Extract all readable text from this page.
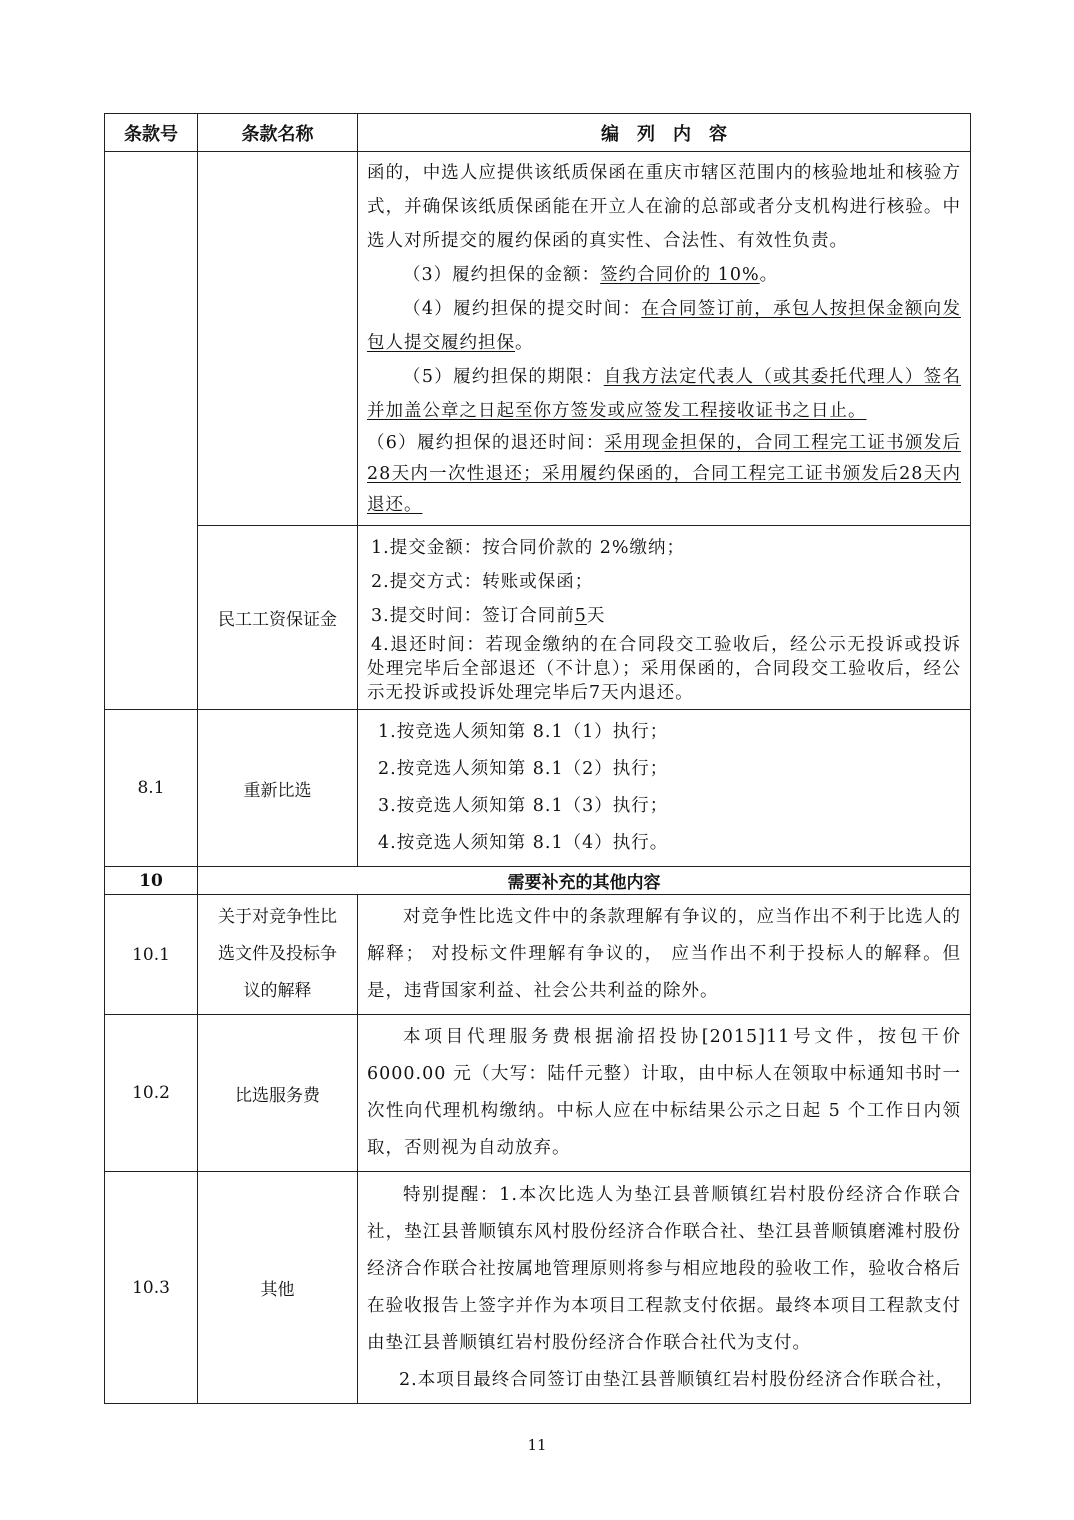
条款号	条款名称	编　列　内　容

		函的，中选人应提供该纸质保函在重庆市辖区范围内的核验地址和核验方式，并确保该纸质保函能在开立人在渝的总部或者分支机构进行核验。中选人对所提交的履约保函的真实性、合法性、有效性负责。

（3）履约担保的金额：签约合同价的 10%。

（4）履约担保的提交时间：在合同签订前，承包人按担保金额向发包人提交履约担保。

（5）履约担保的期限：自我方法定代表人（或其委托代理人）签名并加盖公章之日起至你方签发或应签发工程接收证书之日止。

（6）履约担保的退还时间：采用现金担保的，合同工程完工证书颁发后28天内一次性退还；采用履约保函的，合同工程完工证书颁发后28天内退还。

	民工工资保证金	1.提交金额：按合同价款的 2%缴纳；

2.提交方式：转账或保函；

3.提交时间：签订合同前5天

4.退还时间：若现金缴纳的在合同段交工验收后，经公示无投诉或投诉处理完毕后全部退还（不计息）；采用保函的，合同段交工验收后，经公示无投诉或投诉处理完毕后7天内退还。

8.1	重新比选	1.按竞选人须知第 8.1（1）执行；

2.按竞选人须知第 8.1（2）执行；

3.按竞选人须知第 8.1（3）执行；

4.按竞选人须知第 8.1（4）执行。

10	需要补充的其他内容	
10.1	关于对竞争性比选文件及投标争议的解释	对竞争性比选文件中的条款理解有争议的，应当作出不利于比选人的解释； 对投标文件理解有争议的， 应当作出不利于投标人的解释。但是，违背国家利益、社会公共利益的除外。

10.2	比选服务费	本项目代理服务费根据渝招投协[2015]11号文件，按包干价 6000.00 元（大写：陆仟元整）计取，由中标人在领取中标通知书时一次性向代理机构缴纳。中标人应在中标结果公示之日起 5 个工作日内领取，否则视为自动放弃。

10.3	其他	特别提醒：1.本次比选人为垫江县普顺镇红岩村股份经济合作联合社，垫江县普顺镇东风村股份经济合作联合社、垫江县普顺镇磨滩村股份经济合作联合社按属地管理原则将参与相应地段的验收工作，验收合格后在验收报告上签字并作为本项目工程款支付依据。最终本项目工程款支付由垫江县普顺镇红岩村股份经济合作联合社代为支付。

2.本项目最终合同签订由垫江县普顺镇红岩村股份经济合作联合社，

11
